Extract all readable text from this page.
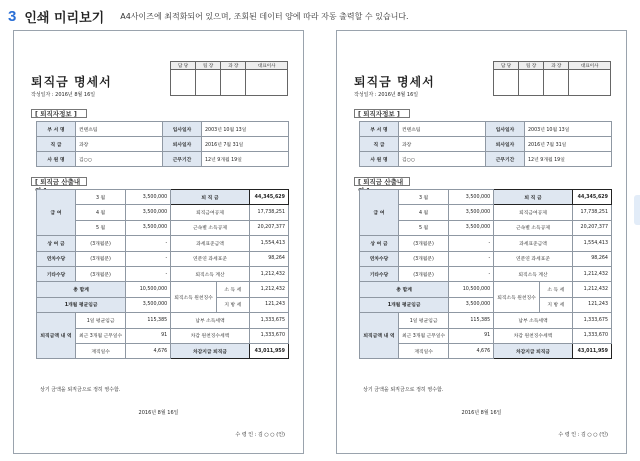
3 인쇄 미리보기 A4사이즈에 최적화되어 있으며, 조회된 데이터 양에 따라 자동 출력할 수 있습니다.
담 당	팀 장	과 장	대표이사

퇴직금 명세서
작성일자 : 2016년 8월 16일
[ 퇴직자정보 ]
부 서 명	컨텐츠팀	입사일자	2003년 10월 13일
직 급	과장	퇴사일자	2016년 7월 31일
사 원 명	김○○	근무기간	12년 9개월 19일
[ 퇴직금 산출내
급 여	3 월	3,500,000	퇴 직 금		44,345,629
	4 월	3,500,000	퇴직금여공제		17,738,251
	5 월	3,500,000	근속별 소득공제		20,207,377
상 여 금	(3개월분)	-	과세표준금액		1,554,413
연차수당	(3개월분)	-	연분연 과세표준		98,264
기타수당	(3개월분)	-	퇴직소득 계산		1,212,432
총 합계		10,500,000	퇴직소득 원천징수	소 득 세	1,212,432
1개월 평균임금		3,500,000		지 방 세	121,243
퇴직금액 내 역	1일 평균임금	115,385	납부 소득세액		1,333,675
	최근 3개월 근무일수	91	차감 원천징수세액		1,333,670
	재직일수	4,676	차감지급 퇴직금		43,011,959
상기 금액을 퇴직금으로 정히 영수함.
2016년 8월 16일
수 령 인 : 김 ○ ○ (인)
담 당	팀 장	과 장	대표이사

퇴직금 명세서
작성일자 : 2016년 8월 16일
[ 퇴직자정보 ]
부 서 명	컨텐츠팀	입사일자	2003년 10월 13일
직 급	과장	퇴사일자	2016년 7월 31일
사 원 명	김○○	근무기간	12년 9개월 19일
[ 퇴직금 산출내
급 여	3 월	3,500,000	퇴 직 금		44,345,629
	4 월	3,500,000	퇴직금여공제		17,738,251
	5 월	3,500,000	근속별 소득공제		20,207,377
상 여 금	(3개월분)	-	과세표준금액		1,554,413
연차수당	(3개월분)	-	연분연 과세표준		98,264
기타수당	(3개월분)	-	퇴직소득 계산		1,212,432
총 합계		10,500,000	퇴직소득 원천징수	소 득 세	1,212,432
1개월 평균임금		3,500,000		지 방 세	121,243
퇴직금액 내 역	1일 평균임금	115,385	납부 소득세액		1,333,675
	최근 3개월 근무일수	91	차감 원천징수세액		1,333,670
	재직일수	4,676	차감지급 퇴직금		43,011,959
상기 금액을 퇴직금으로 정히 영수함.
2016년 8월 16일
수 령 인 : 김 ○ ○ (인)
